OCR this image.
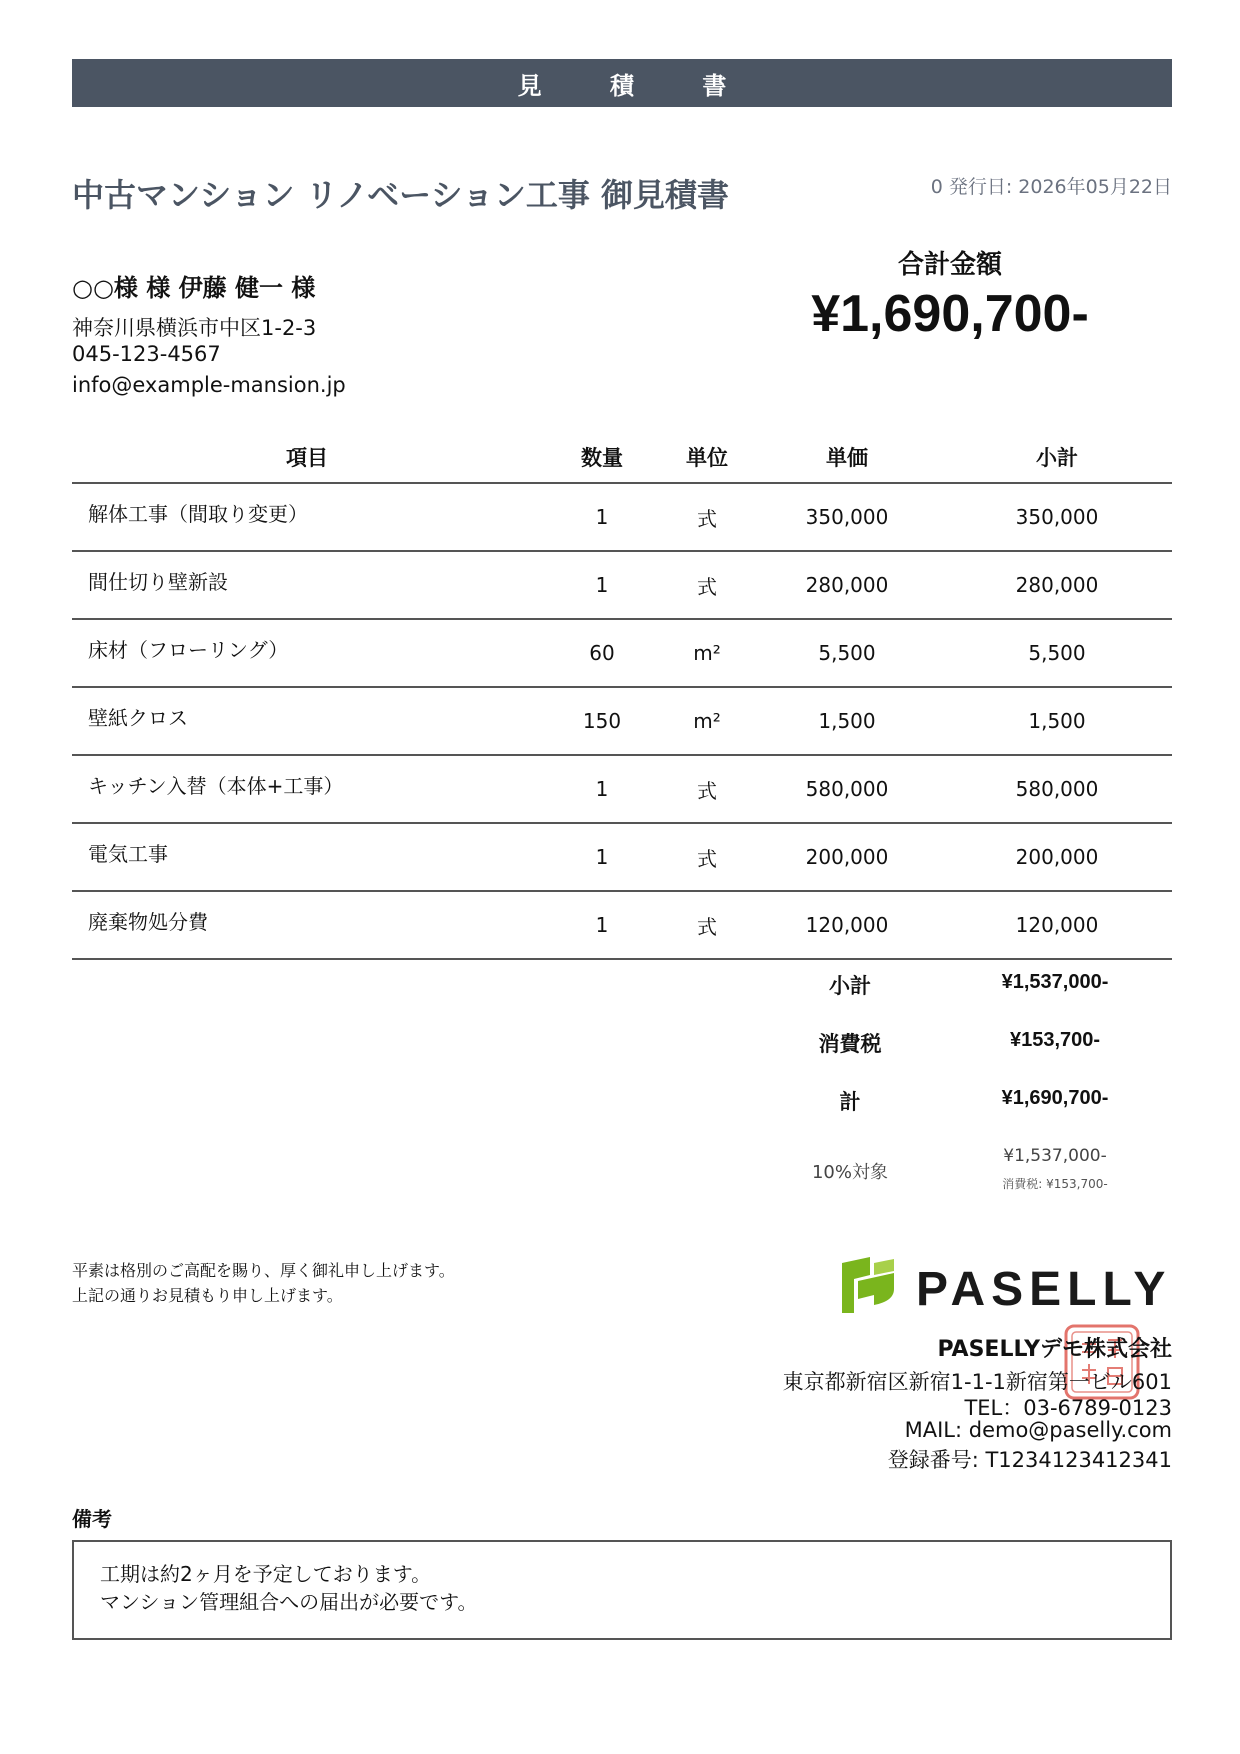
見 積 書
中古マンション リノベーション工事 御見積書	0 発行日: 2026年05月22日
○○様 様 伊藤 健一 様
神奈川県横浜市中区1-2-3
045-123-4567
info@example-mansion.jp
合計金額
¥1,690,700-
項目	数量	単位	単価	小計
解体工事（間取り変更）	1	式	350,000	350,000
間仕切り壁新設	1	式	280,000	280,000
床材（フローリング）	60	m²	5,500	5,500
壁紙クロス	150	m²	1,500	1,500
キッチン入替（本体+工事）	1	式	580,000	580,000
電気工事	1	式	200,000	200,000
廃棄物処分費	1	式	120,000	120,000
小計	¥1,537,000-
消費税	¥153,700-
計	¥1,690,700-
10%対象
¥1,537,000-
消費税: ¥153,700-
平素は格別のご高配を賜り、厚く御礼申し上げます。
上記の通りお見積もり申し上げます。	PASELLY
PASELLYデモ株式会社
東京都新宿区新宿1-1-1新宿第一ビル601
TEL：03-6789-0123
MAIL: demo@paselly.com
登録番号: T1234123412341
備考
工期は約2ヶ月を予定しております。
マンション管理組合への届出が必要です。
